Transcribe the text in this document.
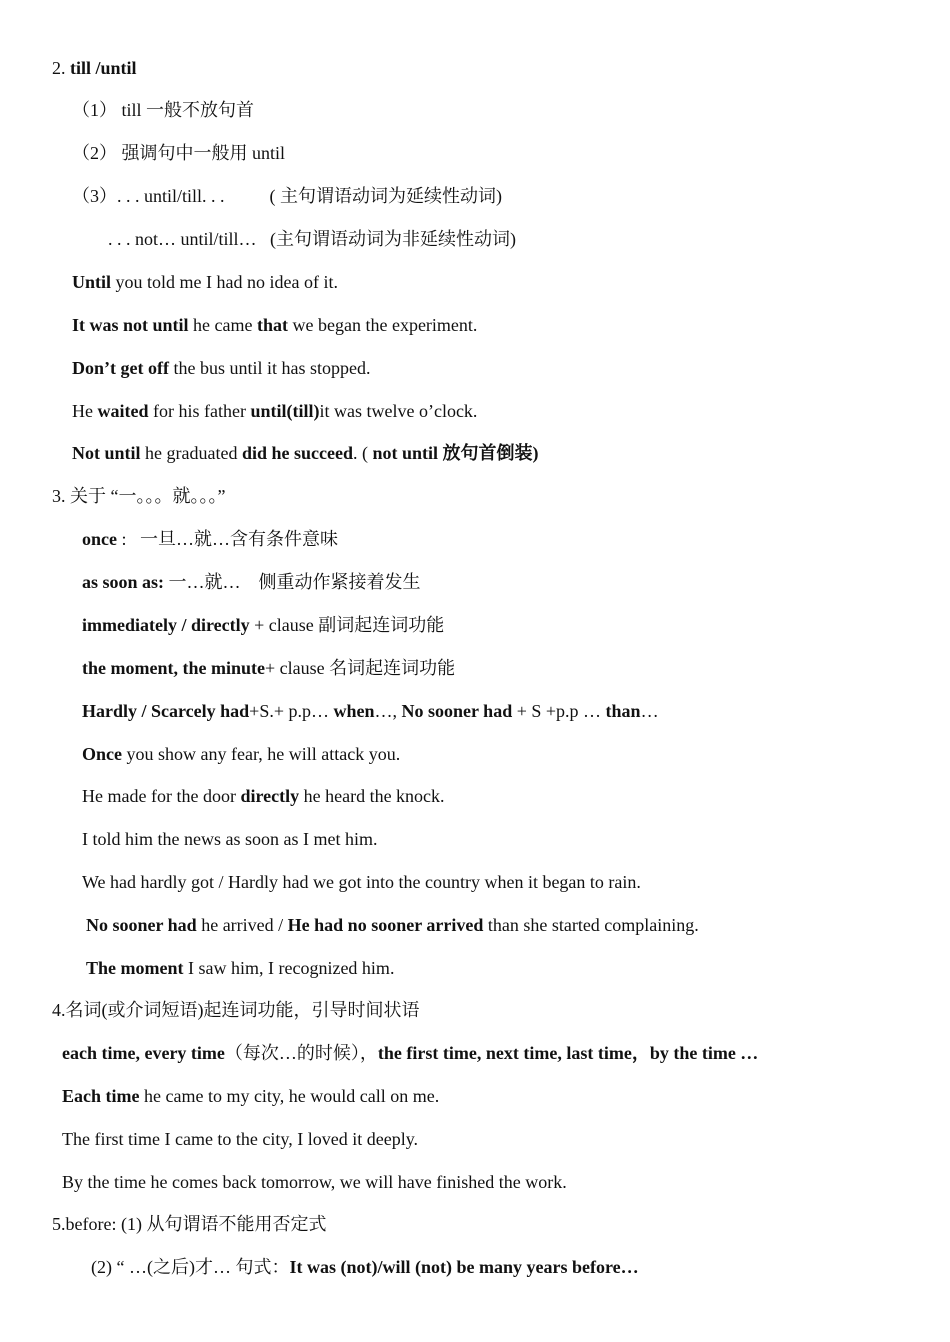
2. till /until
（1） till 一般不放句首
（2） 强调句中一般用 until
（3）. . . until/till. . .          ( 主句谓语动词为延续性动词)
. . . not… until/till…   (主句谓语动词为非延续性动词)
Until you told me I had no idea of it.
It was not until he came that we began the experiment.
Don’t get off the bus until it has stopped.
He waited for his father until(till)it was twelve o’clock.
Not until he graduated did he succeed. ( not until 放句首倒装)
3. 关于 “一。。。就。。。”
once :   一旦…就…含有条件意味
as soon as: 一…就…    侧重动作紧接着发生
immediately / directly + clause 副词起连词功能
the moment, the minute+ clause 名词起连词功能
Hardly / Scarcely had+S.+ p.p… when…, No sooner had + S +p.p … than…
Once you show any fear, he will attack you.
He made for the door directly he heard the knock.
I told him the news as soon as I met him.
We had hardly got / Hardly had we got into the country when it began to rain.
No sooner had he arrived / He had no sooner arrived than she started complaining.
The moment I saw him, I recognized him.
4.名词(或介词短语)起连词功能，引导时间状语
each time, every time（每次…的时候），the first time, next time, last time，by the time …
Each time he came to my city, he would call on me.
The first time I came to the city, I loved it deeply.
By the time he comes back tomorrow, we will have finished the work.
5.before: (1) 从句谓语不能用否定式
(2) “ …(之后)才… 句式：It was (not)/will (not) be many years before…
